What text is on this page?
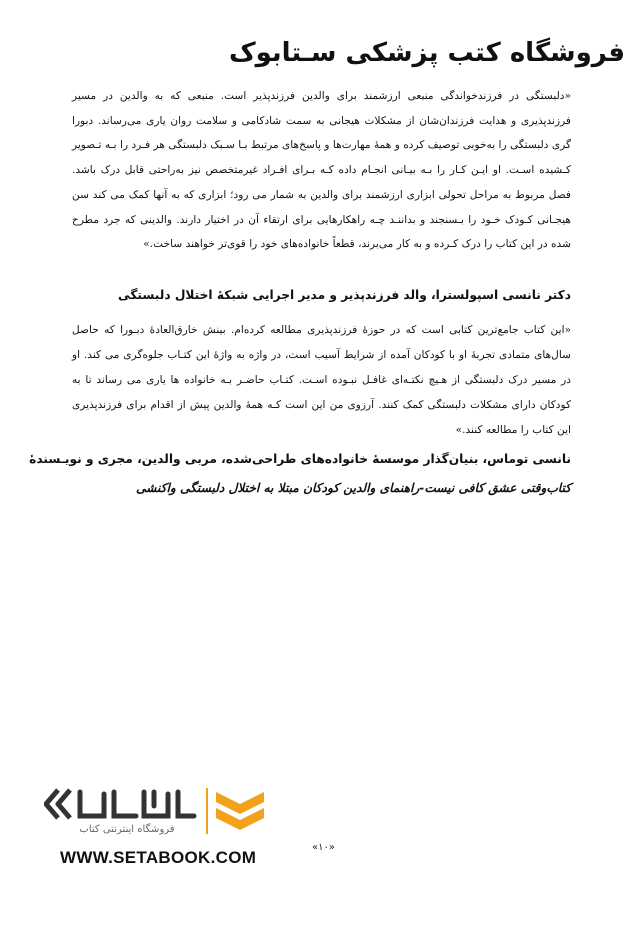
فروشگاه کتب پزشکی سـتابوک
«دلبستگی در فرزندخواندگی منبعی ارزشمند برای والدین فرزندپذیر است. منبعی که به والدین در مسیر فرزندپذیری و هدایت فرزندان‌شان از مشکلات هیجانی به سمت شادکامی و سلامت روان یاری می‌رساند. دبورا گری دلبستگی را به‌خوبی توصیف کرده و همهٔ مهارت‌ها و پاسخ‌های مرتبط بـا سـبک دلبستگی هر فـرد را بـه تـصویر کـشیده اسـت. او ایـن کـار را بـه بیـانی انجـام داده کـه بـرای افـراد غیرمتخصص نیز به‌راحتی قابل درک باشد. فصل مربوط به مراحل تحولی ابزاری ارزشمند برای والدین به شمار می رود؛ ابزاری که به آنها کمک می کند سن هیجـانی کـودک خـود را بـسنجند و بداننـد چـه راهکارهایی برای ارتقاء آن در اختیار دارند. والدینی که جرد مطرح شده در این کتاب را درک کـرده و به کار می‌برند، قطعاً خانواده‌های خود را قوی‌تر خواهند ساخت.»
دکتر نانسی اسپولسترا، والد فرزندپذیر و مدیر اجرایی شبکهٔ اختلال دلبستگی
«این کتاب جامع‌ترین کتابی است که در حوزهٔ فرزندپذیری مطالعه کرده‌ام. بینش خارق‌العادهٔ دبـورا که حاصل سال‌های متمادی تجربهٔ او با کودکان آمده از شرایط آسیب است، در واژه به واژهٔ این کتـاب جلوه‌گری می کند. او در مسیر درک دلبستگی از هـیچ نکتـه‌ای غافـل نبـوده اسـت. کتـاب حاضـر بـه خانواده ها یاری می رساند تا به کودکان دارای مشکلات دلبستگی کمک کنند. آرزوی من این است کـه همهٔ والدین پیش از اقدام برای فرزندپذیری این کتاب را مطالعه کنند.»
نانسی توماس، بنیان‌گذار موسسهٔ خانواده‌های طراحی‌شده، مربی والدین، مجری و نویـسندهٔ
کتاب‌وقتی عشق کافی نیست-راهنمای والدین کودکان مبتلا به اختلال دلبستگی واکنشی
فروشگاه اینترنتی کتاب
WWW.SETABOOK.COM
«۱۰»
